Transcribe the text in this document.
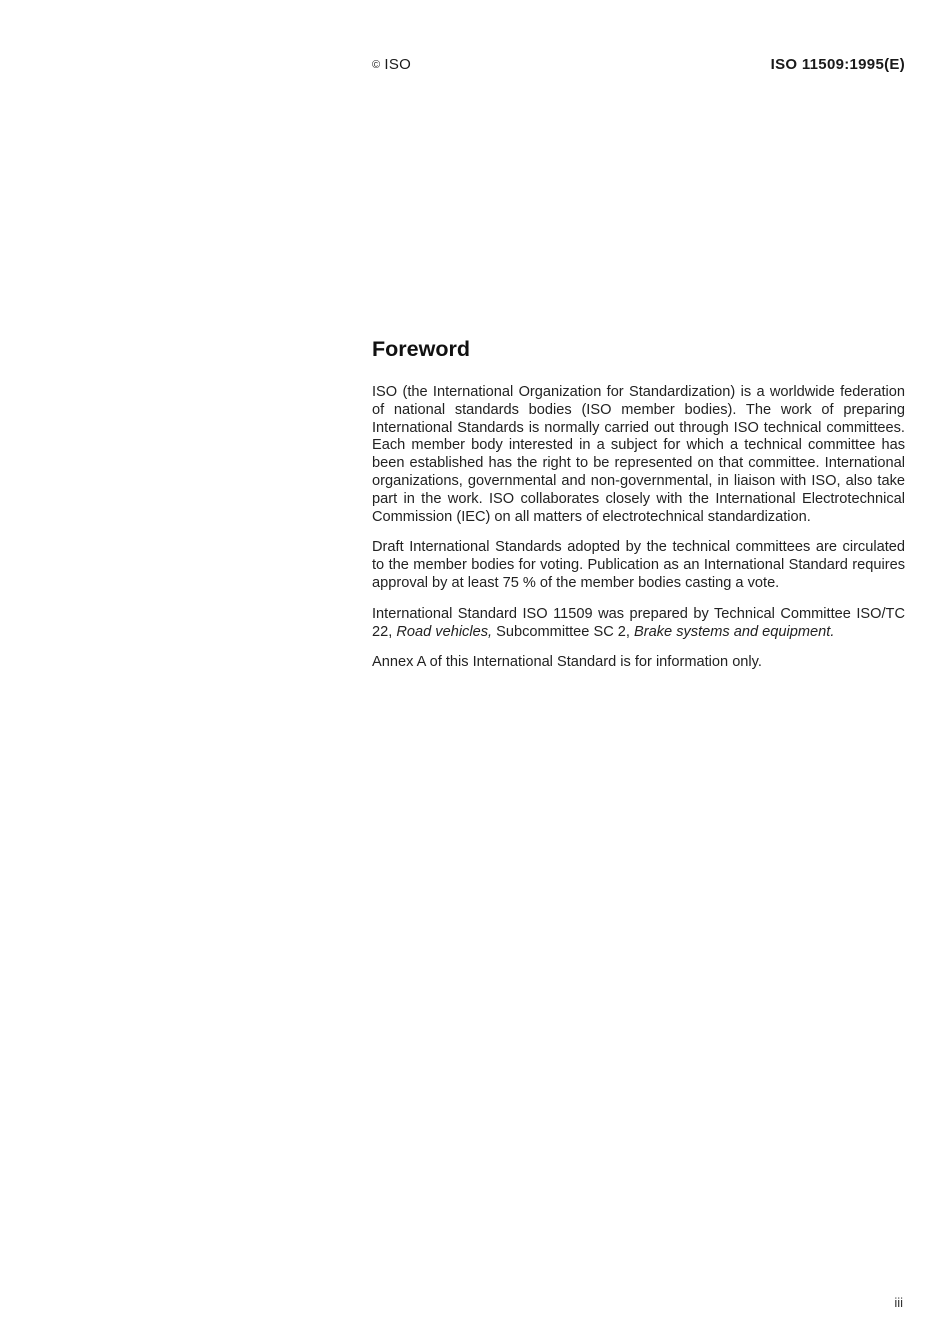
© ISO	ISO 11509:1995(E)
Foreword

ISO (the International Organization for Standardization) is a worldwide federation of national standards bodies (ISO member bodies). The work of preparing International Standards is normally carried out through ISO technical committees. Each member body interested in a subject for which a technical committee has been established has the right to be represented on that committee. International organizations, governmental and non-governmental, in liaison with ISO, also take part in the work. ISO collaborates closely with the International Electrotechnical Commission (IEC) on all matters of electrotechnical standardization.

Draft International Standards adopted by the technical committees are circulated to the member bodies for voting. Publication as an International Standard requires approval by at least 75 % of the member bodies casting a vote.

International Standard ISO 11509 was prepared by Technical Committee ISO/TC 22, Road vehicles, Subcommittee SC 2, Brake systems and equipment.

Annex A of this International Standard is for information only.

iii
